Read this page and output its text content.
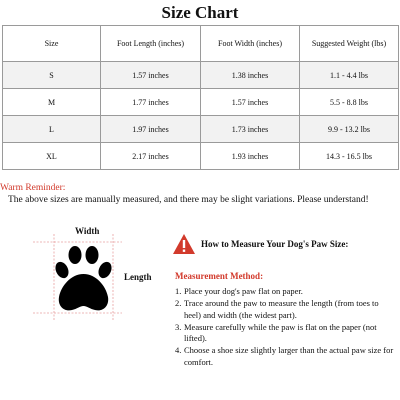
Size Chart
Size	Foot Length (inches)	Foot Width (inches)	Suggested Weight (lbs)
S	1.57 inches	1.38 inches	1.1 - 4.4 lbs
M	1.77 inches	1.57 inches	5.5 - 8.8 lbs
L	1.97 inches	1.73 inches	9.9 - 13.2 lbs
XL	2.17 inches	1.93 inches	14.3 - 16.5 lbs
Warm Reminder:
The above sizes are manually measured, and there may be slight variations. Please understand!
Width
Length
How to Measure Your Dog's Paw Size:
Measurement Method:
1. Place your dog's paw flat on paper.
2. Trace around the paw to measure the length (from toes to heel) and width (the widest part).
3. Measure carefully while the paw is flat on the paper (not lifted).
4. Choose a shoe size slightly larger than the actual paw size for comfort.
